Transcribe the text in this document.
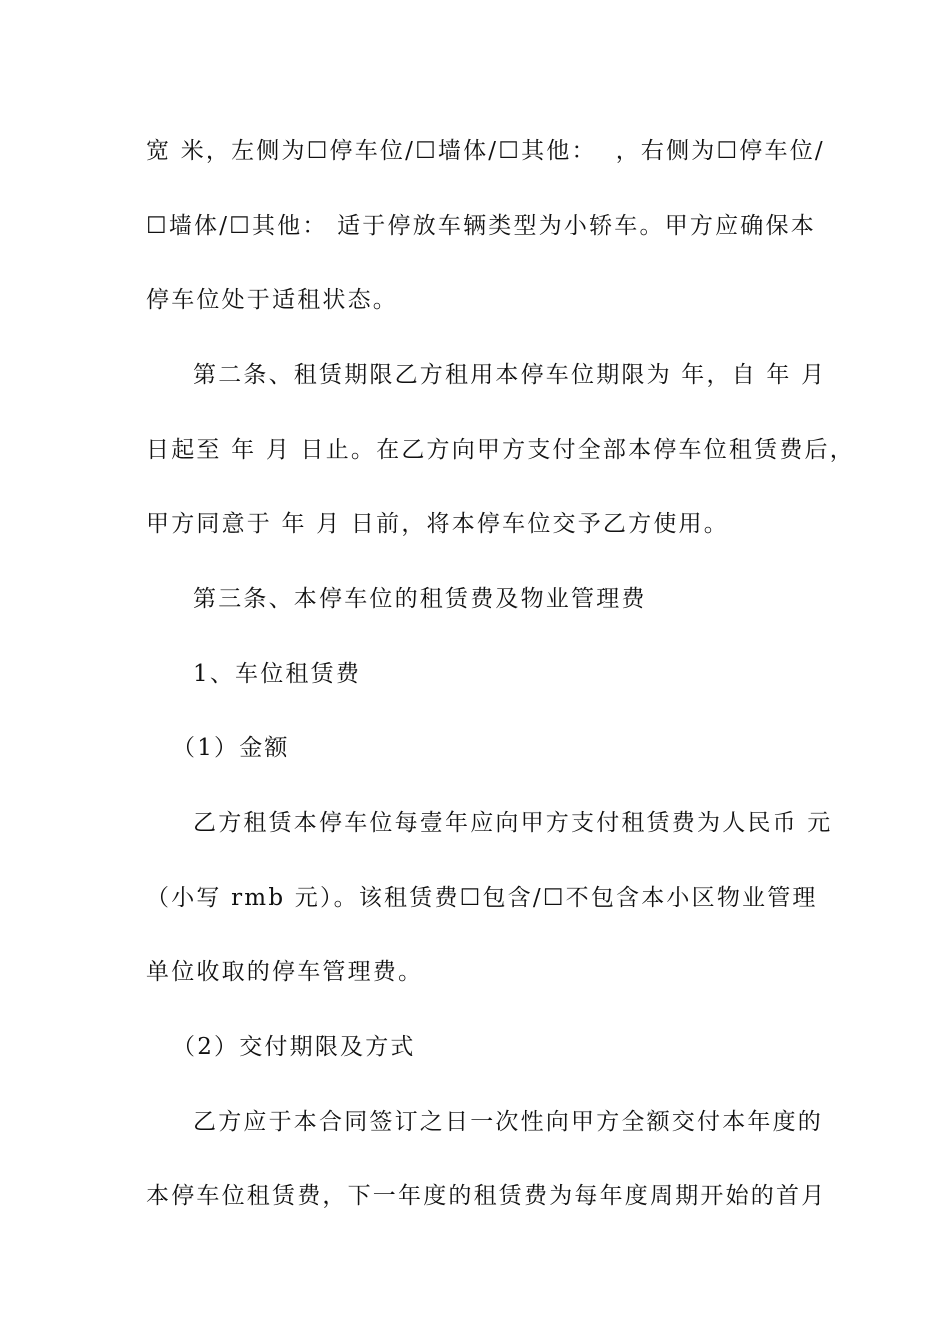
宽 米，左侧为☐停车位/☐墙体/☐其他：  ，右侧为☐停车位/
☐墙体/☐其他： 适于停放车辆类型为小轿车。甲方应确保本
停车位处于适租状态。
第二条、租赁期限乙方租用本停车位期限为 年，自 年 月
日起至 年 月 日止。在乙方向甲方支付全部本停车位租赁费后，
甲方同意于 年 月 日前，将本停车位交予乙方使用。
第三条、本停车位的租赁费及物业管理费
1、车位租赁费
（1）金额
乙方租赁本停车位每壹年应向甲方支付租赁费为人民币 元
（小写 rmb 元）。该租赁费☐包含/☐不包含本小区物业管理
单位收取的停车管理费。
（2）交付期限及方式
乙方应于本合同签订之日一次性向甲方全额交付本年度的
本停车位租赁费，下一年度的租赁费为每年度周期开始的首月
